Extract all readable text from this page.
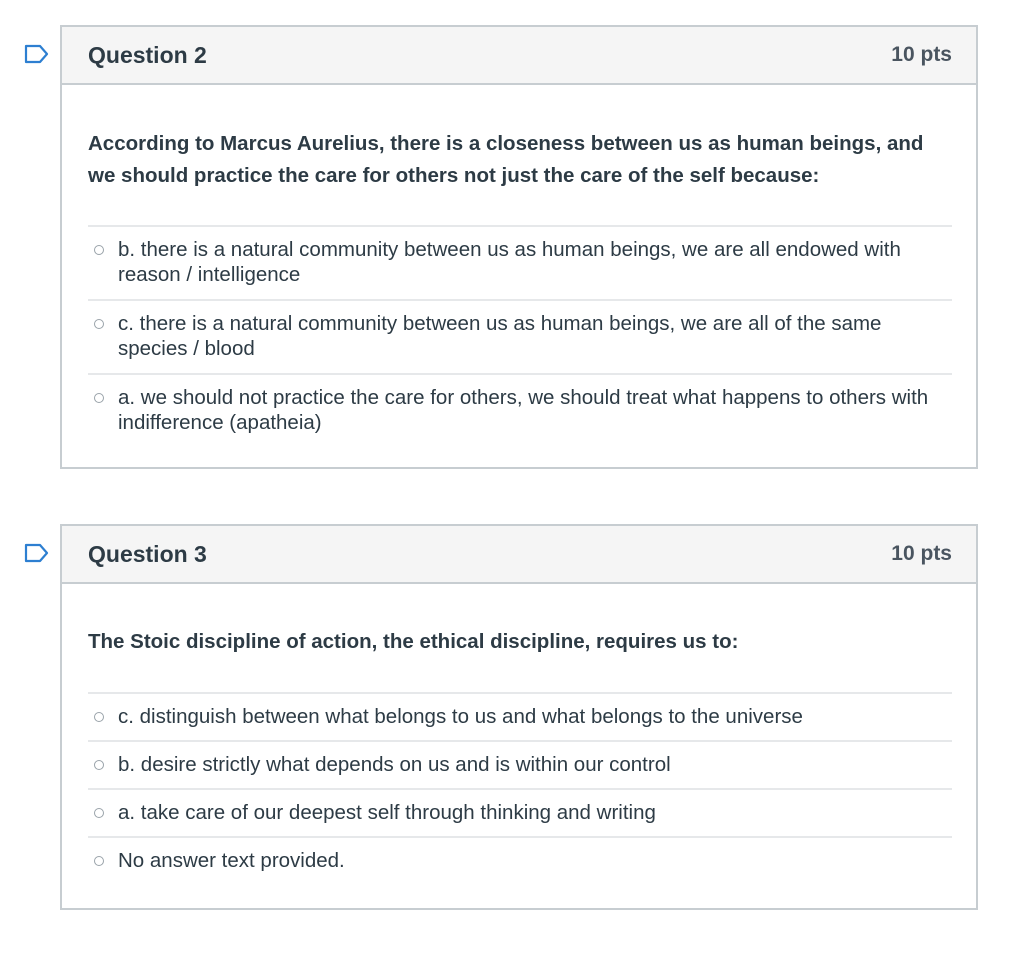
Question 2	10 pts

According to Marcus Aurelius, there is a closeness between us as human beings, and we should practice the care for others not just the care of the self because:

b. there is a natural community between us as human beings, we are all endowed with reason / intelligence
c. there is a natural community between us as human beings, we are all of the same species / blood
a. we should not practice the care for others, we should treat what happens to others with indifference (apatheia)
Question 3	10 pts

The Stoic discipline of action, the ethical discipline, requires us to:

c. distinguish between what belongs to us and what belongs to the universe
b. desire strictly what depends on us and is within our control
a. take care of our deepest self through thinking and writing
No answer text provided.
